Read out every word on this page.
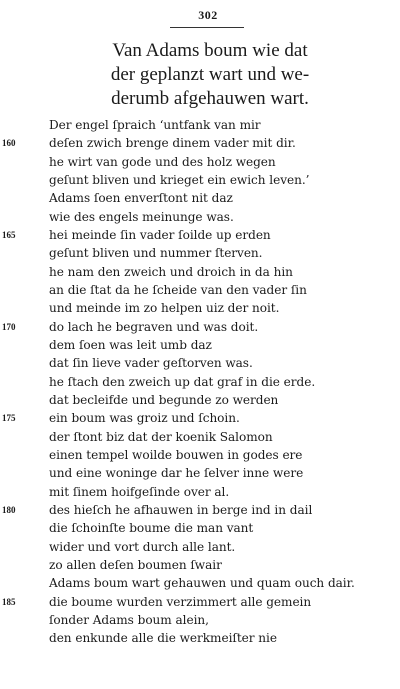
302
Van Adams boum wie dat
der geplanzt wart und we-
derumb afgehauwen wart.
Der engel ſpraich ‘untfank van mir
160	deſen zwich brenge dinem vader mit dir.
he wirt van gode und des holz wegen
geſunt bliven und krieget ein ewich leven.’
Adams ſoen enverſtont nit daz
wie des engels meinunge was.
165	hei meinde ſin vader ſoilde up erden
geſunt bliven und nummer ſterven.
he nam den zweich und droich in da hin
an die ſtat da he ſcheide van den vader ſin
und meinde im zo helpen uiz der noit.
170	do lach he begraven und was doit.
dem ſoen was leit umb daz
dat ſin lieve vader geſtorven was.
he ſtach den zweich up dat graf in die erde.
dat becleifde und begunde zo werden
175	ein boum was groiz und ſchoin.
der ſtont biz dat der koenik Salomon
einen tempel woilde bouwen in godes ere
und eine woninge dar he ſelver inne were
mit ſinem hoifgeſinde over al.
180	des hieſch he afhauwen in berge ind in dail
die ſchoinſte boume die man vant
wider und vort durch alle lant.
zo allen deſen boumen ſwair
Adams boum wart gehauwen und quam ouch dair.
185	die boume wurden verzimmert alle gemein
ſonder Adams boum alein,
den enkunde alle die werkmeiſter nie
